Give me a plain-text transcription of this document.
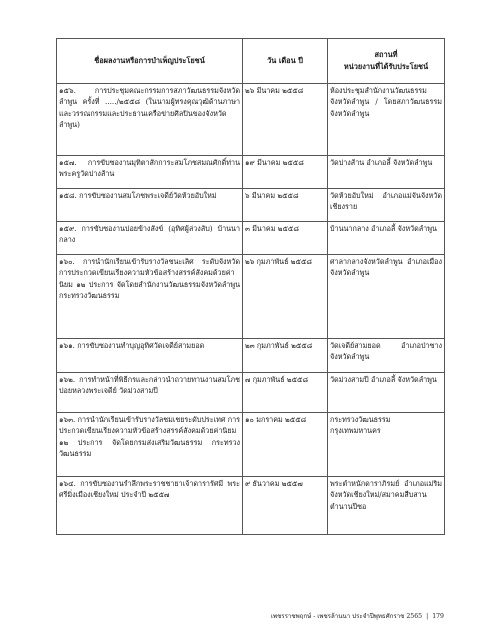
ชื่อผลงานหรือการบำเพ็ญประโยชน์	วัน เดือน ปี	สถานที่
หน่วยงานที่ได้รับประโยชน์
๑๕๖. การประชุมคณะกรรมการสภาวัฒนธรรมจังหวัดลำพูน ครั้งที่ ...../๒๕๕๘ (ในนามผู้ทรงคุณวุฒิด้านภาษาและวรรณกรรมและประธานเครือข่ายศิลปินของจังหวัดลำพูน)	๒๖ มีนาคม ๒๕๕๘	ห้องประชุมสำนักงานวัฒนธรรมจังหวัดลำพูน / โดยสภาวัฒนธรรมจังหวัดลำพูน
๑๕๗. การขับซองานมุทิตาสักการะสมโภชสมณศักดิ์ท่านพระครูวัดปางส้าน	๑๙ มีนาคม ๒๕๕๘	วัดปางส้าน อำเภอลี้ จังหวัดลำพูน
๑๕๘. การขับซองานสมโภชพระเจดีย์วัดห้วยอับใหม่	๖ มีนาคม ๒๕๕๘	วัดห้วยอับใหม่ อำเภอแม่จันจังหวัดเชียงราย
๑๕๙. การขับซองานปอยข้างสังข์ (อุทิศผู้ล่วงลับ) บ้านนากลาง	๓ มีนาคม ๒๕๕๘	บ้านนากลาง อำเภอลี้ จังหวัดลำพูน
๑๖๐. การนำนักเรียนเข้ารับรางวัลชนะเลิศ ระดับจังหวัด การประกวดเขียนเรียงความหัวข้อสร้างสรรค์สังคมด้วยค่านิยม ๑๒ ประการ จัดโดยสำนักงานวัฒนธรรมจังหวัดลำพูน กระทรวงวัฒนธรรม	๒๖ กุมภาพันธ์ ๒๕๕๘	ศาลากลางจังหวัดลำพูน อำเภอเมือง จังหวัดลำพูน
๑๖๑. การขับซองานทำบุญอุทิศวัดเจดีย์สามยอด	๒๓ กุมภาพันธ์ ๒๕๕๘	วัดเจดีย์สามยอด อำเภอป่าซาง จังหวัดลำพูน
๑๖๒. การทำหน้าที่พิธีกรและกล่าวนำถวายทานงานสมโภชปอยหลวงพระเจดีย์ วัดม่วงสามปี	๗ กุมภาพันธ์ ๒๕๕๘	วัดม่วงสามปี อำเภอลี้ จังหวัดลำพูน
๑๖๓. การนำนักเรียนเข้ารับรางวัลชมเชยระดับประเทศ การประกวดเขียนเรียงความหัวข้อสร้างสรรค์สังคมด้วยค่านิยม ๑๒ ประการ จัดโดยกรมส่งเสริมวัฒนธรรม กระทรวงวัฒนธรรม	๑๐ มกราคม ๒๕๕๘	กระทรวงวัฒนธรรม กรุงเทพมหานคร
๑๖๔. การขับซองานรำลึกพระราชชายาเจ้าดารารัศมี พระศรีมิ่งเมืองเชียงใหม่ ประจำปี ๒๕๕๗	๙ ธันวาคม ๒๕๕๗	พระตำหนักดาราภิรมย์ อำเภอแม่ริม จังหวัดเชียงใหม่/สมาคมสืบสานตำนานปีซอ
เพชรราชพฤกษ์ - เพชรล้านนา ประจำปีพุทธศักราช 2565 | 179
